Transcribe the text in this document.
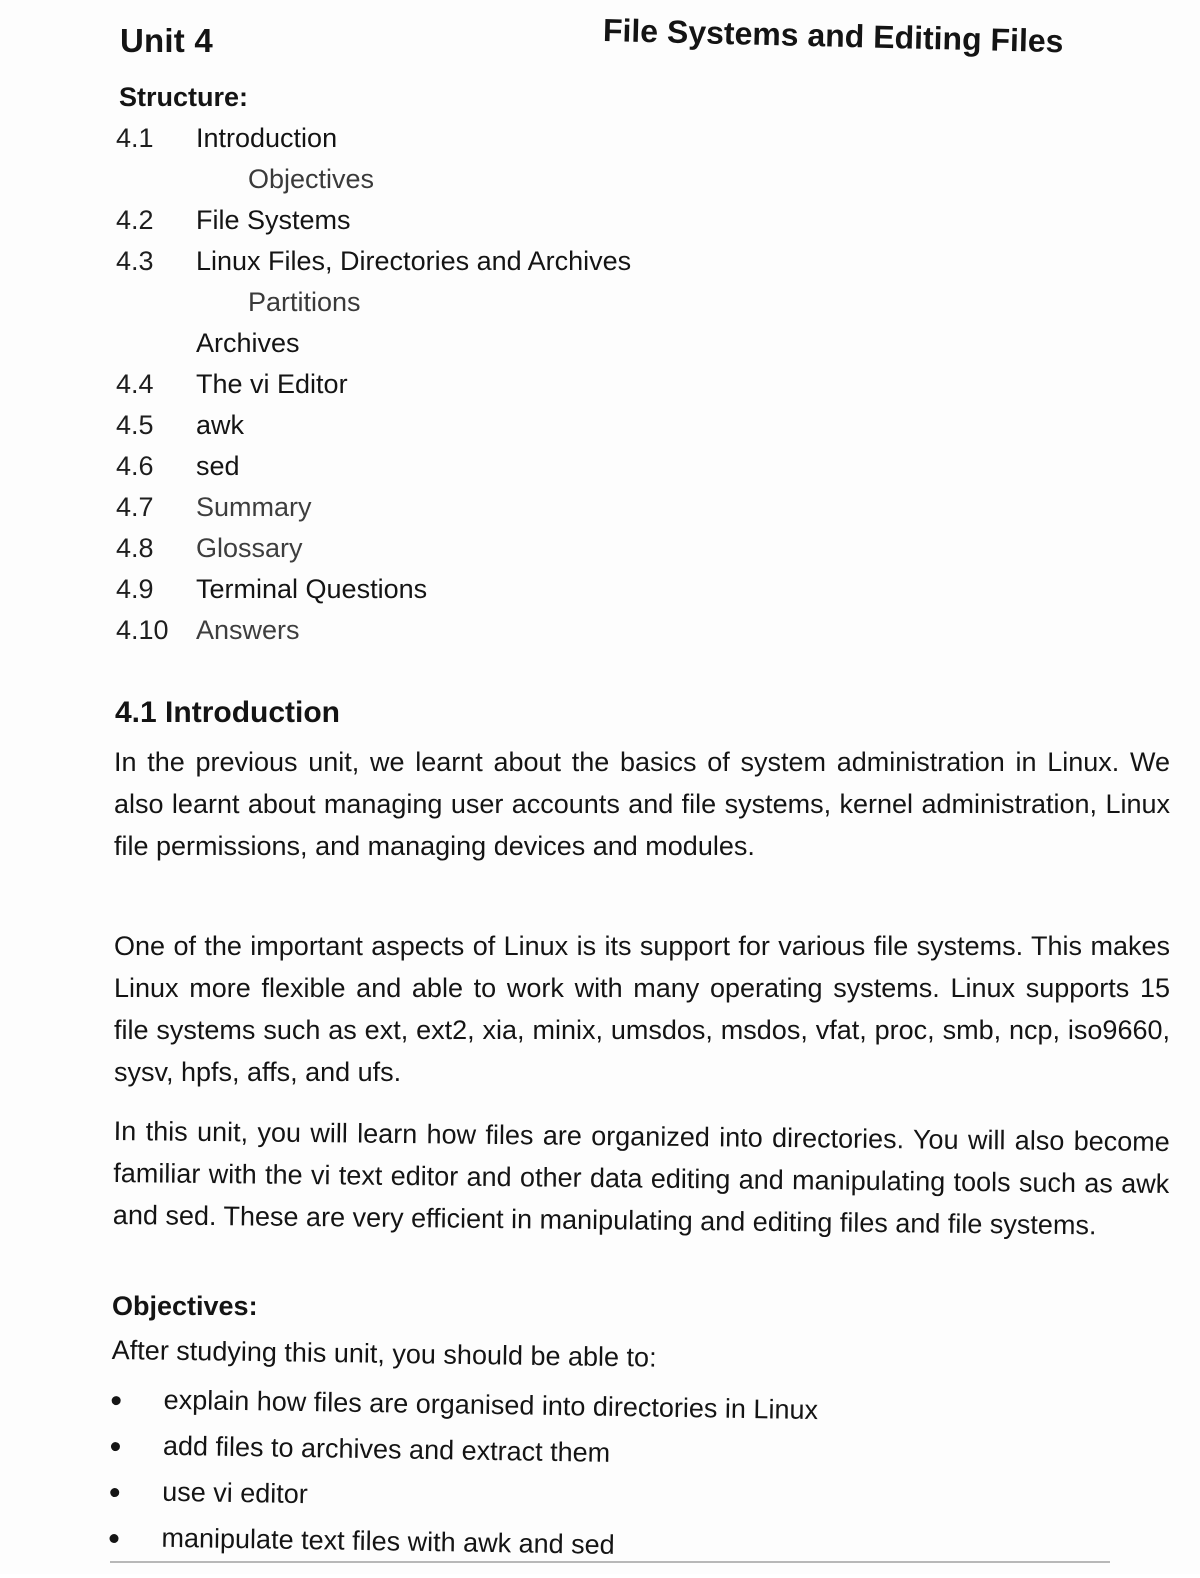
Unit 4	File Systems and Editing Files
Structure:
4.1	Introduction
Objectives
4.2	File Systems
4.3	Linux Files, Directories and Archives
Partitions
Archives
4.4	The vi Editor
4.5	awk
4.6	sed
4.7	Summary
4.8	Glossary
4.9	Terminal Questions
4.10	Answers
4.1 Introduction

In the previous unit, we learnt about the basics of system administration in Linux. We also learnt about managing user accounts and file systems, kernel administration, Linux file permissions, and managing devices and modules.

One of the important aspects of Linux is its support for various file systems. This makes Linux more flexible and able to work with many operating systems. Linux supports 15 file systems such as ext, ext2, xia, minix, umsdos, msdos, vfat, proc, smb, ncp, iso9660, sysv, hpfs, affs, and ufs.

In this unit, you will learn how files are organized into directories. You will also become familiar with the vi text editor and other data editing and manipulating tools such as awk and sed. These are very efficient in manipulating and editing files and file systems.

Objectives:
After studying this unit, you should be able to:
explain how files are organised into directories in Linux
add files to archives and extract them
use vi editor
manipulate text files with awk and sed
